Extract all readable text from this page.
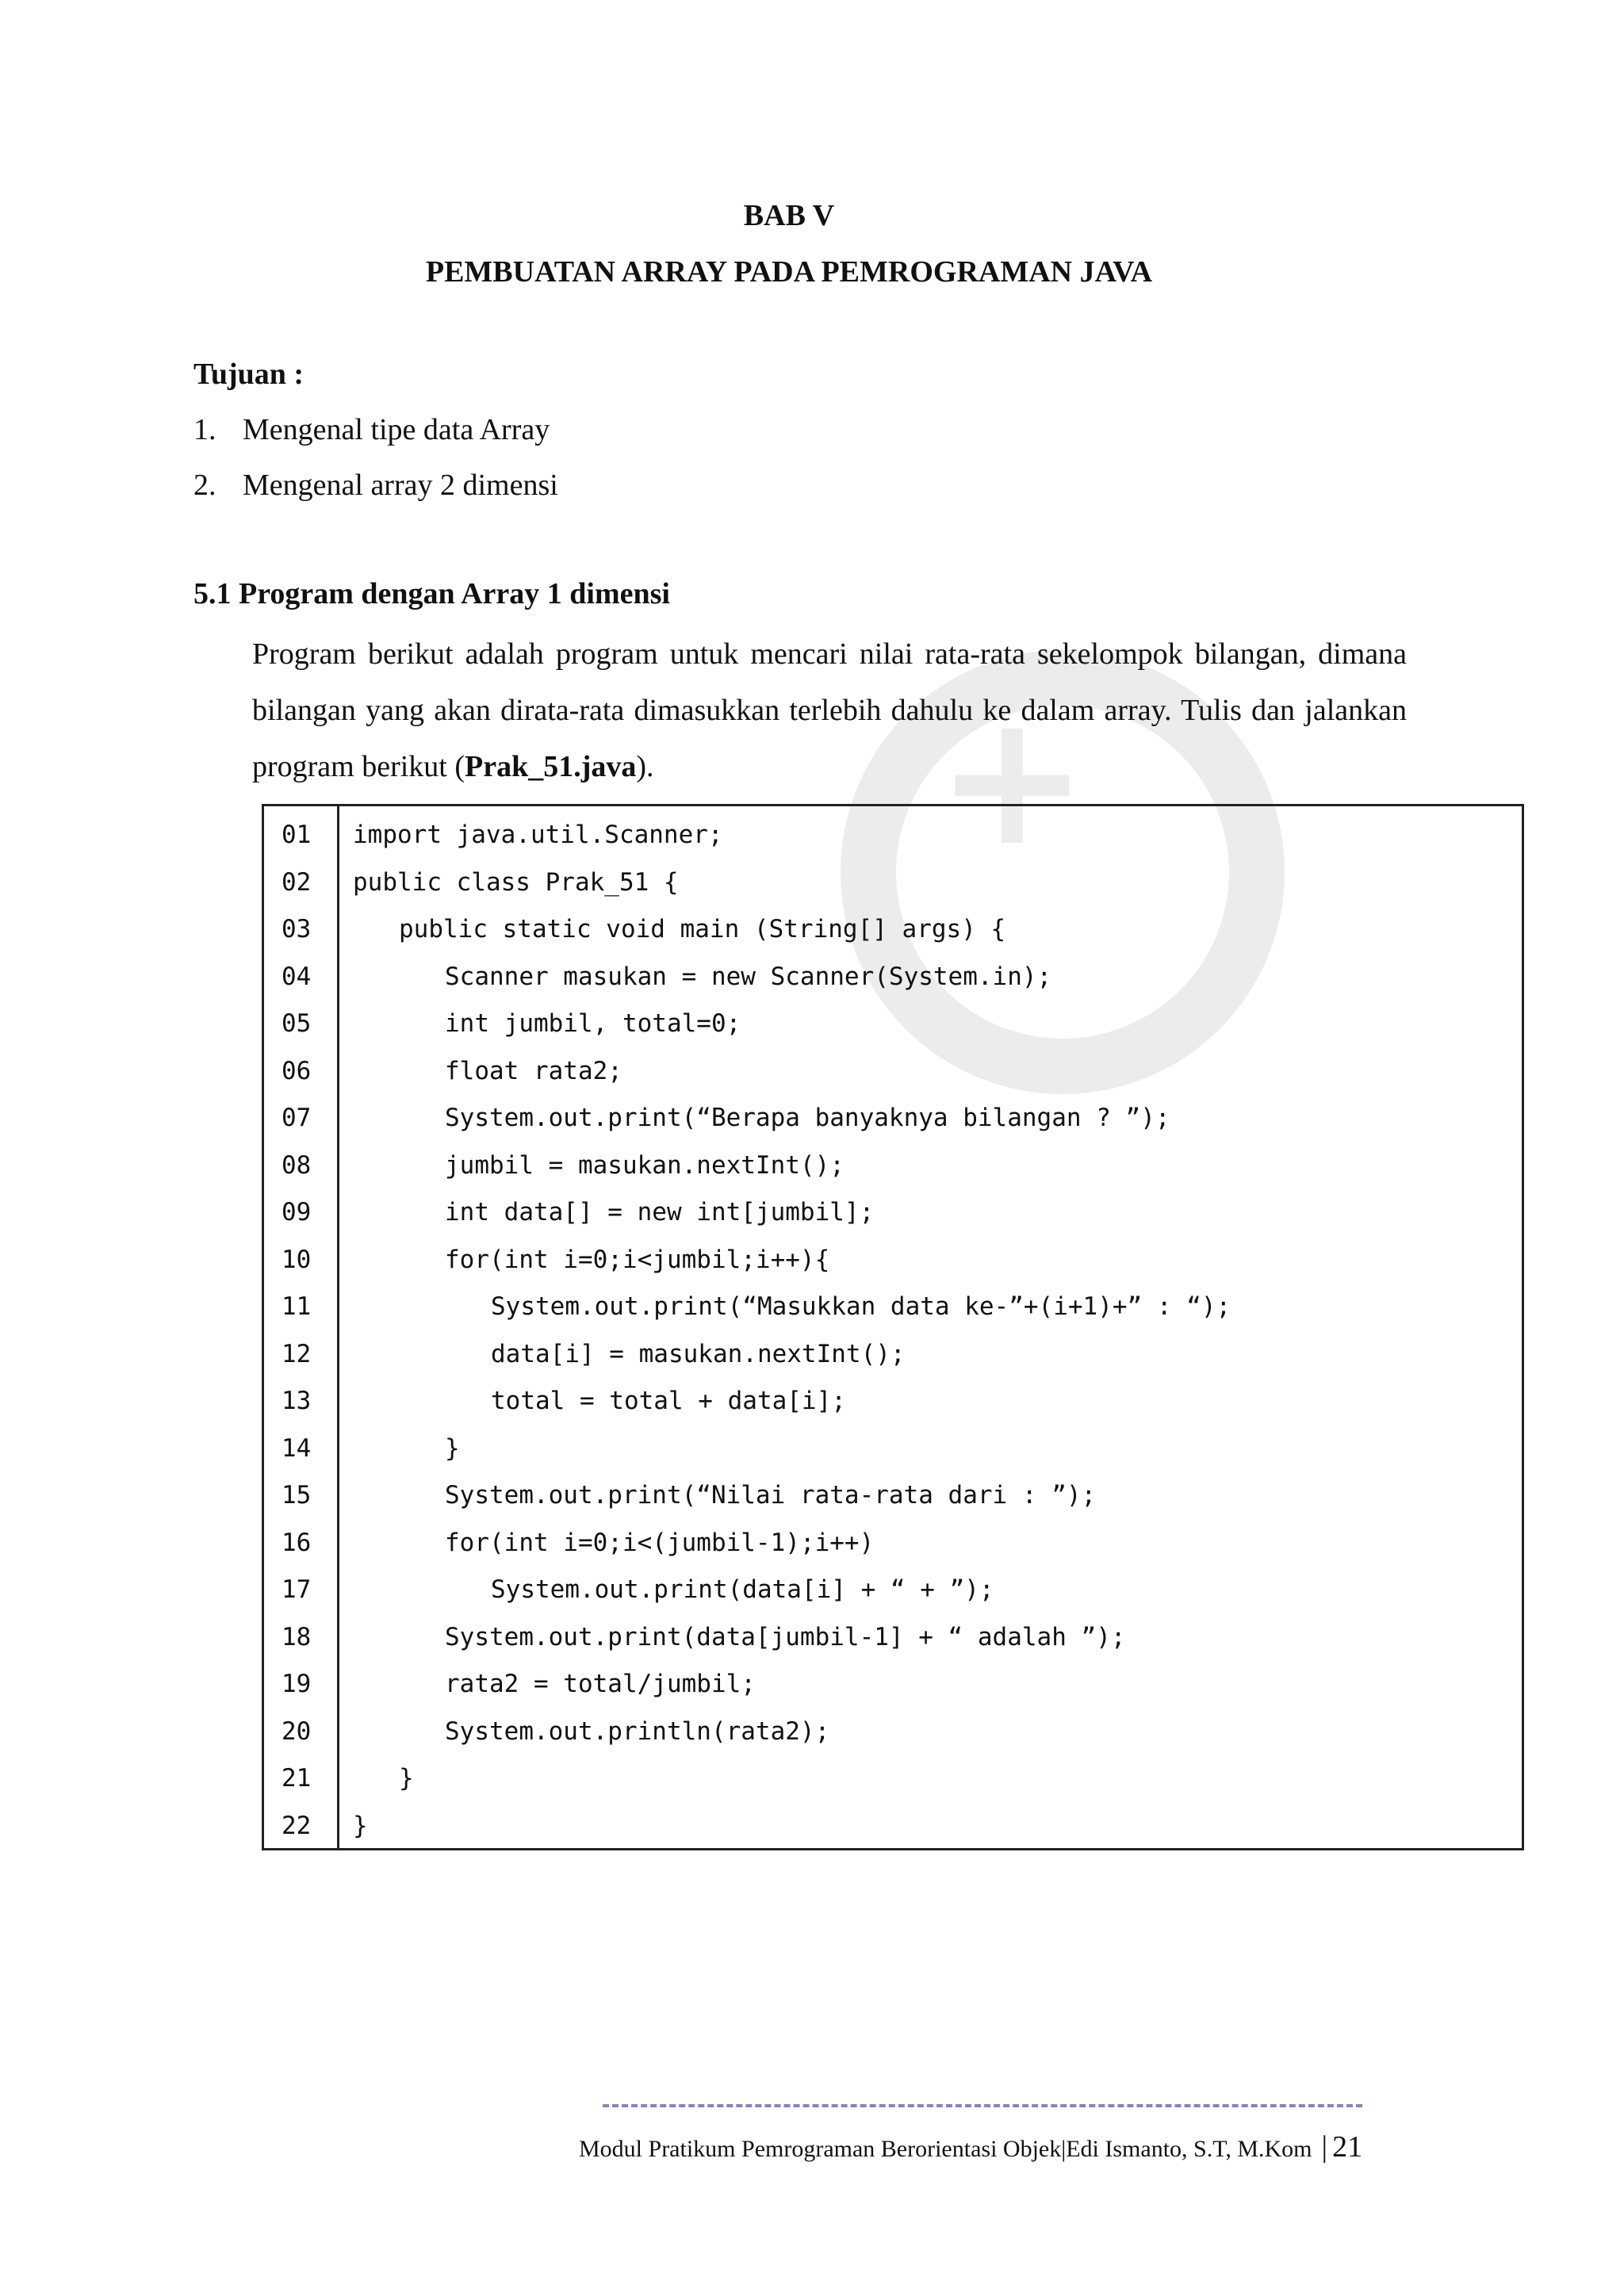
+
BAB V
PEMBUATAN ARRAY PADA PEMROGRAMAN JAVA
Tujuan :
1. Mengenal tipe data Array
2. Mengenal array 2 dimensi
5.1 Program dengan Array 1 dimensi
Program berikut adalah program untuk mencari nilai rata-rata sekelompok bilangan, dimana bilangan yang akan dirata-rata dimasukkan terlebih dahulu ke dalam array. Tulis dan jalankan program berikut (Prak_51.java).
01	import java.util.Scanner;
02	public class Prak_51 {
03	public static void main (String[] args) {
04	Scanner masukan = new Scanner(System.in);
05	int jumbil, total=0;
06	float rata2;
07	System.out.print(“Berapa banyaknya bilangan ? ”);
08	jumbil = masukan.nextInt();
09	int data[] = new int[jumbil];
10	for(int i=0;i<jumbil;i++){
11	System.out.print(“Masukkan data ke-”+(i+1)+” : “);
12	data[i] = masukan.nextInt();
13	total = total + data[i];
14	}
15	System.out.print(“Nilai rata-rata dari : ”);
16	for(int i=0;i<(jumbil-1);i++)
17	System.out.print(data[i] + “ + ”);
18	System.out.print(data[jumbil-1] + “ adalah ”);
19	rata2 = total/jumbil;
20	System.out.println(rata2);
21	}
22	}
Modul Pratikum Pemrograman Berorientasi Objek|Edi Ismanto, S.T, M.Kom | 21
